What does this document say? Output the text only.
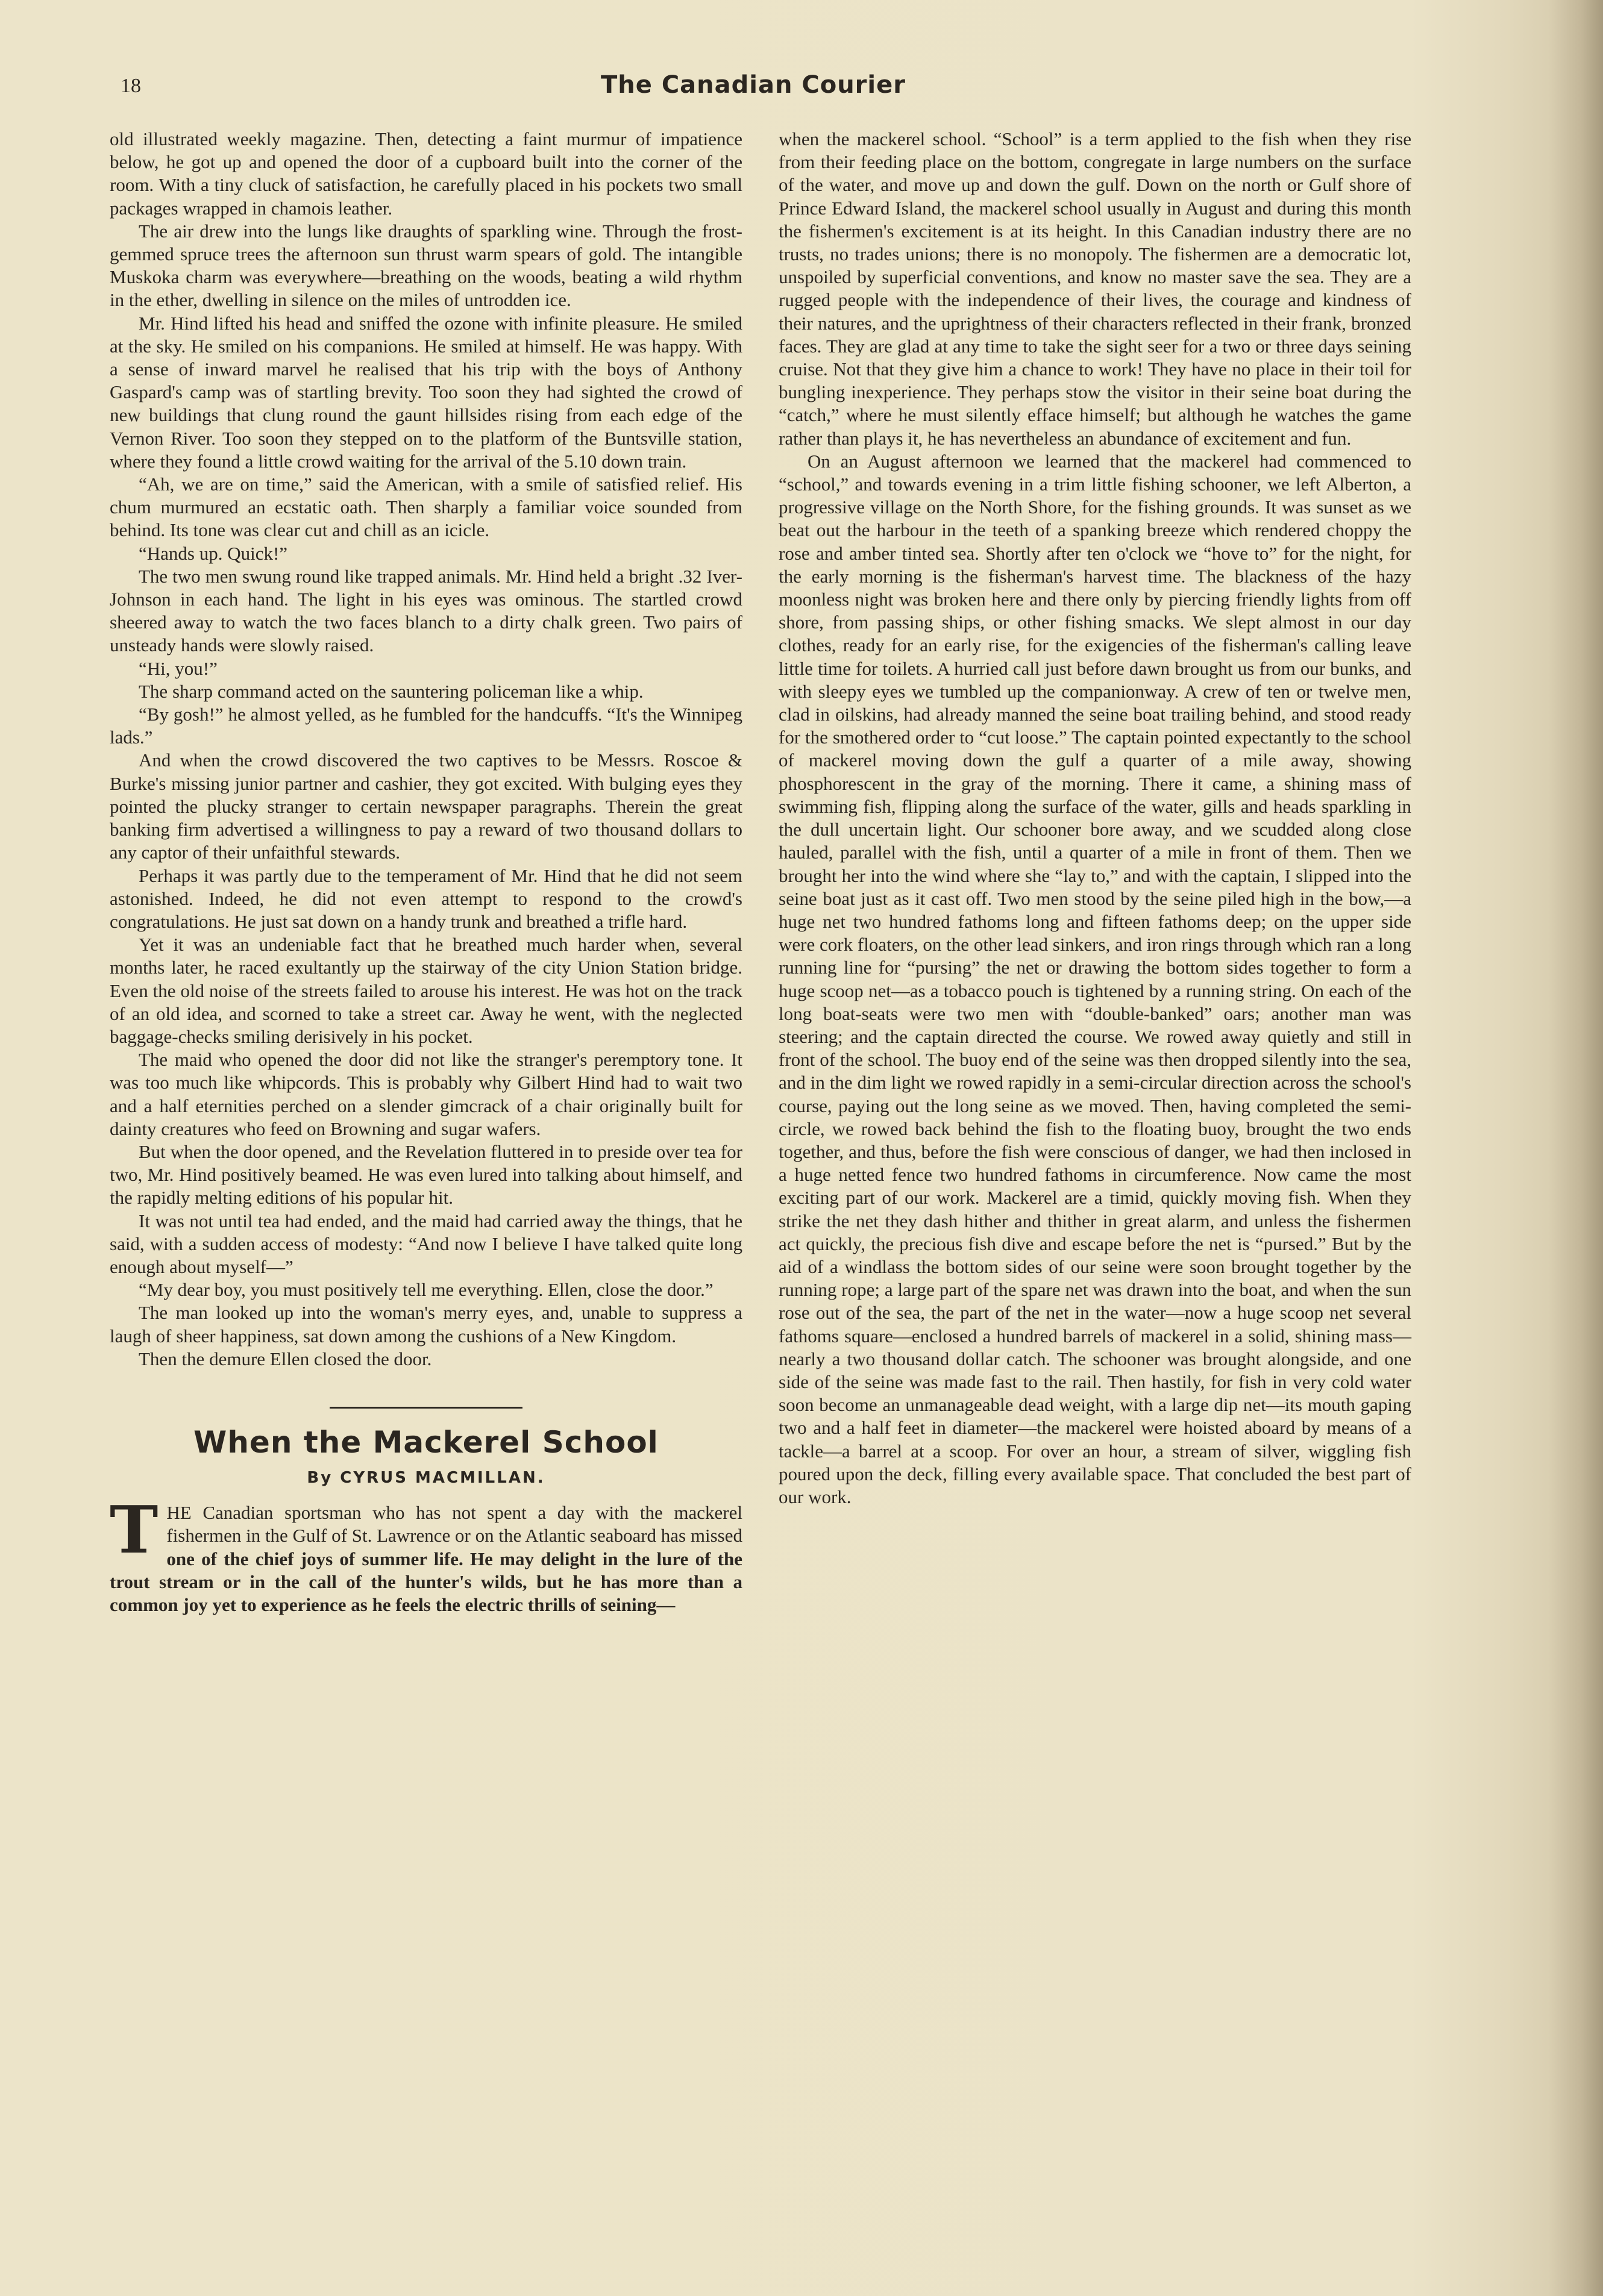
18	The Canadian Courier

old illustrated weekly magazine. Then, detecting a faint murmur of impatience below, he got up and opened the door of a cupboard built into the corner of the room. With a tiny cluck of satisfaction, he carefully placed in his pockets two small packages wrapped in chamois leather.

The air drew into the lungs like draughts of sparkling wine. Through the frost-gemmed spruce trees the afternoon sun thrust warm spears of gold. The intangible Muskoka charm was everywhere—breathing on the woods, beating a wild rhythm in the ether, dwelling in silence on the miles of untrodden ice.

Mr. Hind lifted his head and sniffed the ozone with infinite pleasure. He smiled at the sky. He smiled on his companions. He smiled at himself. He was happy. With a sense of inward marvel he realised that his trip with the boys of Anthony Gaspard's camp was of startling brevity. Too soon they had sighted the crowd of new buildings that clung round the gaunt hillsides rising from each edge of the Vernon River. Too soon they stepped on to the platform of the Buntsville station, where they found a little crowd waiting for the arrival of the 5.10 down train.

“Ah, we are on time,” said the American, with a smile of satisfied relief. His chum murmured an ecstatic oath. Then sharply a familiar voice sounded from behind. Its tone was clear cut and chill as an icicle.

“Hands up. Quick!”

The two men swung round like trapped animals. Mr. Hind held a bright .32 Iver-Johnson in each hand. The light in his eyes was ominous. The startled crowd sheered away to watch the two faces blanch to a dirty chalk green. Two pairs of unsteady hands were slowly raised.

“Hi, you!”

The sharp command acted on the sauntering policeman like a whip.

“By gosh!” he almost yelled, as he fumbled for the handcuffs. “It's the Winnipeg lads.”

And when the crowd discovered the two captives to be Messrs. Roscoe & Burke's missing junior partner and cashier, they got excited. With bulging eyes they pointed the plucky stranger to certain newspaper paragraphs. Therein the great banking firm advertised a willingness to pay a reward of two thousand dollars to any captor of their unfaithful stewards.

Perhaps it was partly due to the temperament of Mr. Hind that he did not seem astonished. Indeed, he did not even attempt to respond to the crowd's congratulations. He just sat down on a handy trunk and breathed a trifle hard.

Yet it was an undeniable fact that he breathed much harder when, several months later, he raced exultantly up the stairway of the city Union Station bridge. Even the old noise of the streets failed to arouse his interest. He was hot on the track of an old idea, and scorned to take a street car. Away he went, with the neglected baggage-checks smiling derisively in his pocket.

The maid who opened the door did not like the stranger's peremptory tone. It was too much like whipcords. This is probably why Gilbert Hind had to wait two and a half eternities perched on a slender gimcrack of a chair originally built for dainty creatures who feed on Browning and sugar wafers.

But when the door opened, and the Revelation fluttered in to preside over tea for two, Mr. Hind positively beamed. He was even lured into talking about himself, and the rapidly melting editions of his popular hit.

It was not until tea had ended, and the maid had carried away the things, that he said, with a sudden access of modesty: “And now I believe I have talked quite long enough about myself—”

“My dear boy, you must positively tell me everything. Ellen, close the door.”

The man looked up into the woman's merry eyes, and, unable to suppress a laugh of sheer happiness, sat down among the cushions of a New Kingdom.

Then the demure Ellen closed the door.

When the Mackerel School
By CYRUS MACMILLAN.

THE Canadian sportsman who has not spent a day with the mackerel fishermen in the Gulf of St. Lawrence or on the Atlantic seaboard has missed one of the chief joys of summer life. He may delight in the lure of the trout stream or in the call of the hunter's wilds, but he has more than a common joy yet to experience as he feels the electric thrills of seining—

when the mackerel school. “School” is a term applied to the fish when they rise from their feeding place on the bottom, congregate in large numbers on the surface of the water, and move up and down the gulf. Down on the north or Gulf shore of Prince Edward Island, the mackerel school usually in August and during this month the fishermen's excitement is at its height. In this Canadian industry there are no trusts, no trades unions; there is no monopoly. The fishermen are a democratic lot, unspoiled by superficial conventions, and know no master save the sea. They are a rugged people with the independence of their lives, the courage and kindness of their natures, and the uprightness of their characters reflected in their frank, bronzed faces. They are glad at any time to take the sight seer for a two or three days seining cruise. Not that they give him a chance to work! They have no place in their toil for bungling inexperience. They perhaps stow the visitor in their seine boat during the “catch,” where he must silently efface himself; but although he watches the game rather than plays it, he has nevertheless an abundance of excitement and fun.

On an August afternoon we learned that the mackerel had commenced to “school,” and towards evening in a trim little fishing schooner, we left Alberton, a progressive village on the North Shore, for the fishing grounds. It was sunset as we beat out the harbour in the teeth of a spanking breeze which rendered choppy the rose and amber tinted sea. Shortly after ten o'clock we “hove to” for the night, for the early morning is the fisherman's harvest time. The blackness of the hazy moonless night was broken here and there only by piercing friendly lights from off shore, from passing ships, or other fishing smacks. We slept almost in our day clothes, ready for an early rise, for the exigencies of the fisherman's calling leave little time for toilets. A hurried call just before dawn brought us from our bunks, and with sleepy eyes we tumbled up the companionway. A crew of ten or twelve men, clad in oilskins, had already manned the seine boat trailing behind, and stood ready for the smothered order to “cut loose.” The captain pointed expectantly to the school of mackerel moving down the gulf a quarter of a mile away, showing phosphorescent in the gray of the morning. There it came, a shining mass of swimming fish, flipping along the surface of the water, gills and heads sparkling in the dull uncertain light. Our schooner bore away, and we scudded along close hauled, parallel with the fish, until a quarter of a mile in front of them. Then we brought her into the wind where she “lay to,” and with the captain, I slipped into the seine boat just as it cast off. Two men stood by the seine piled high in the bow,—a huge net two hundred fathoms long and fifteen fathoms deep; on the upper side were cork floaters, on the other lead sinkers, and iron rings through which ran a long running line for “pursing” the net or drawing the bottom sides together to form a huge scoop net—as a tobacco pouch is tightened by a running string. On each of the long boat-seats were two men with “double-banked” oars; another man was steering; and the captain directed the course. We rowed away quietly and still in front of the school. The buoy end of the seine was then dropped silently into the sea, and in the dim light we rowed rapidly in a semi-circular direction across the school's course, paying out the long seine as we moved. Then, having completed the semi-circle, we rowed back behind the fish to the floating buoy, brought the two ends together, and thus, before the fish were conscious of danger, we had then inclosed in a huge netted fence two hundred fathoms in circumference. Now came the most exciting part of our work. Mackerel are a timid, quickly moving fish. When they strike the net they dash hither and thither in great alarm, and unless the fishermen act quickly, the precious fish dive and escape before the net is “pursed.” But by the aid of a windlass the bottom sides of our seine were soon brought together by the running rope; a large part of the spare net was drawn into the boat, and when the sun rose out of the sea, the part of the net in the water—now a huge scoop net several fathoms square—enclosed a hundred barrels of mackerel in a solid, shining mass—nearly a two thousand dollar catch. The schooner was brought alongside, and one side of the seine was made fast to the rail. Then hastily, for fish in very cold water soon become an unmanageable dead weight, with a large dip net—its mouth gaping two and a half feet in diameter—the mackerel were hoisted aboard by means of a tackle—a barrel at a scoop. For over an hour, a stream of silver, wiggling fish poured upon the deck, filling every available space. That concluded the best part of our work.
